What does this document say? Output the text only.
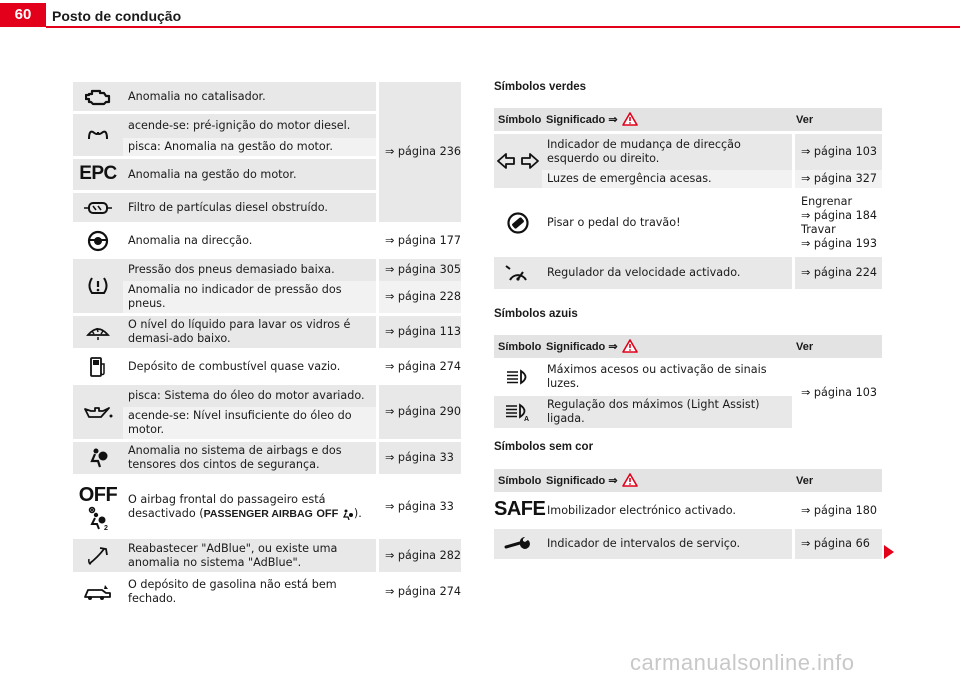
60	Posto de condução
	Anomalia no catalisador.	⇒ página 236
	acende-se: pré-ignição do motor diesel.	
	pisca: Anomalia na gestão do motor.	
EPC	Anomalia na gestão do motor.	
	Filtro de partículas diesel obstruído.	
	Anomalia na direcção.	⇒ página 177
	Pressão dos pneus demasiado baixa.	⇒ página 305
	Anomalia no indicador de pressão dos pneus.	⇒ página 228
	O nível do líquido para lavar os vidros é demasi-ado baixo.	⇒ página 113
	Depósito de combustível quase vazio.	⇒ página 274
	pisca: Sistema do óleo do motor avariado.	⇒ página 290
	acende-se: Nível insuficiente do óleo do motor.	
	Anomalia no sistema de airbags e dos tensores dos cintos de segurança.	⇒ página 33

OFF
2	O airbag frontal do passageiro está desactivado (PASSENGER AIRBAG OFF ).	⇒ página 33
	Reabastecer "AdBlue", ou existe uma anomalia no sistema "AdBlue".	⇒ página 282
	O depósito de gasolina não está bem fechado.	⇒ página 274
Símbolos verdes
Símbolo	Significado ⇒	Ver
	Indicador de mudança de direcção esquerdo ou direito.	⇒ página 103
	Luzes de emergência acesas.	⇒ página 327
	Pisar o pedal do travão!	Engrenar
⇒ página 184
Travar
⇒ página 193

	Regulador da velocidade activado.	⇒ página 224
Símbolos azuis
Símbolo	Significado ⇒	Ver
	Máximos acesos ou activação de sinais luzes.	⇒ página 103

A	Regulação dos máximos (Light Assist) ligada.	
Símbolos sem cor
Símbolo	Significado ⇒	Ver
SAFE	Imobilizador electrónico activado.	⇒ página 180
	Indicador de intervalos de serviço.	⇒ página 66
carmanualsonline.info
